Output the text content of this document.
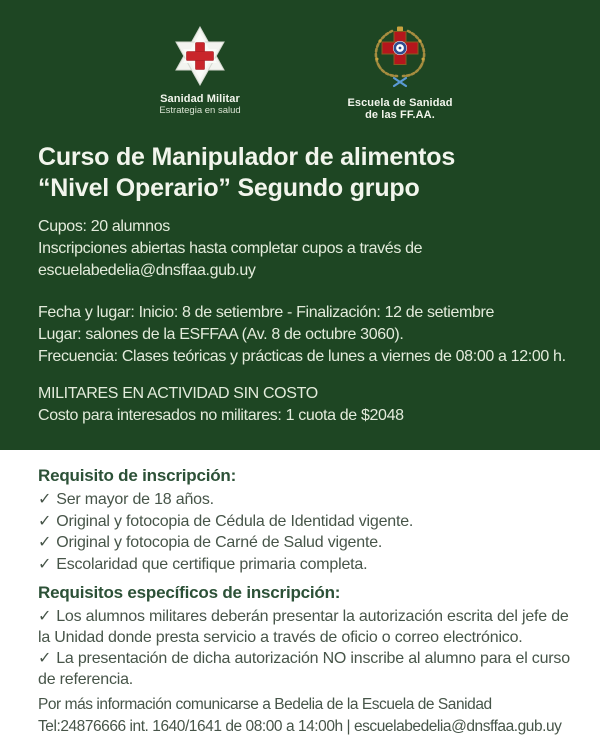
Sanidad Militar
Estrategia en salud
Escuela de Sanidad
de las FF.AA.
Curso de Manipulador de alimentos
“Nivel Operario” Segundo grupo
Cupos: 20 alumnos
Inscripciones abiertas hasta completar cupos a través de
escuelabedelia@dnsffaa.gub.uy
Fecha y lugar: Inicio: 8 de setiembre - Finalización: 12 de setiembre
Lugar: salones de la ESFFAA (Av. 8 de octubre 3060).
Frecuencia: Clases teóricas y prácticas de lunes a viernes de 08:00 a 12:00 h.
MILITARES EN ACTIVIDAD SIN COSTO
Costo para interesados no militares: 1 cuota de $2048
Requisito de inscripción:
✓ Ser mayor de 18 años.
✓ Original y fotocopia de Cédula de Identidad vigente.
✓ Original y fotocopia de Carné de Salud vigente.
✓ Escolaridad que certifique primaria completa.
Requisitos específicos de inscripción:
✓ Los alumnos militares deberán presentar la autorización escrita del jefe de la Unidad donde presta servicio a través de oficio o correo electrónico.
✓ La presentación de dicha autorización NO inscribe al alumno para el curso de referencia.
Por más información comunicarse a Bedelia de la Escuela de Sanidad
Tel:24876666 int. 1640/1641 de 08:00 a 14:00h | escuelabedelia@dnsffaa.gub.uy
